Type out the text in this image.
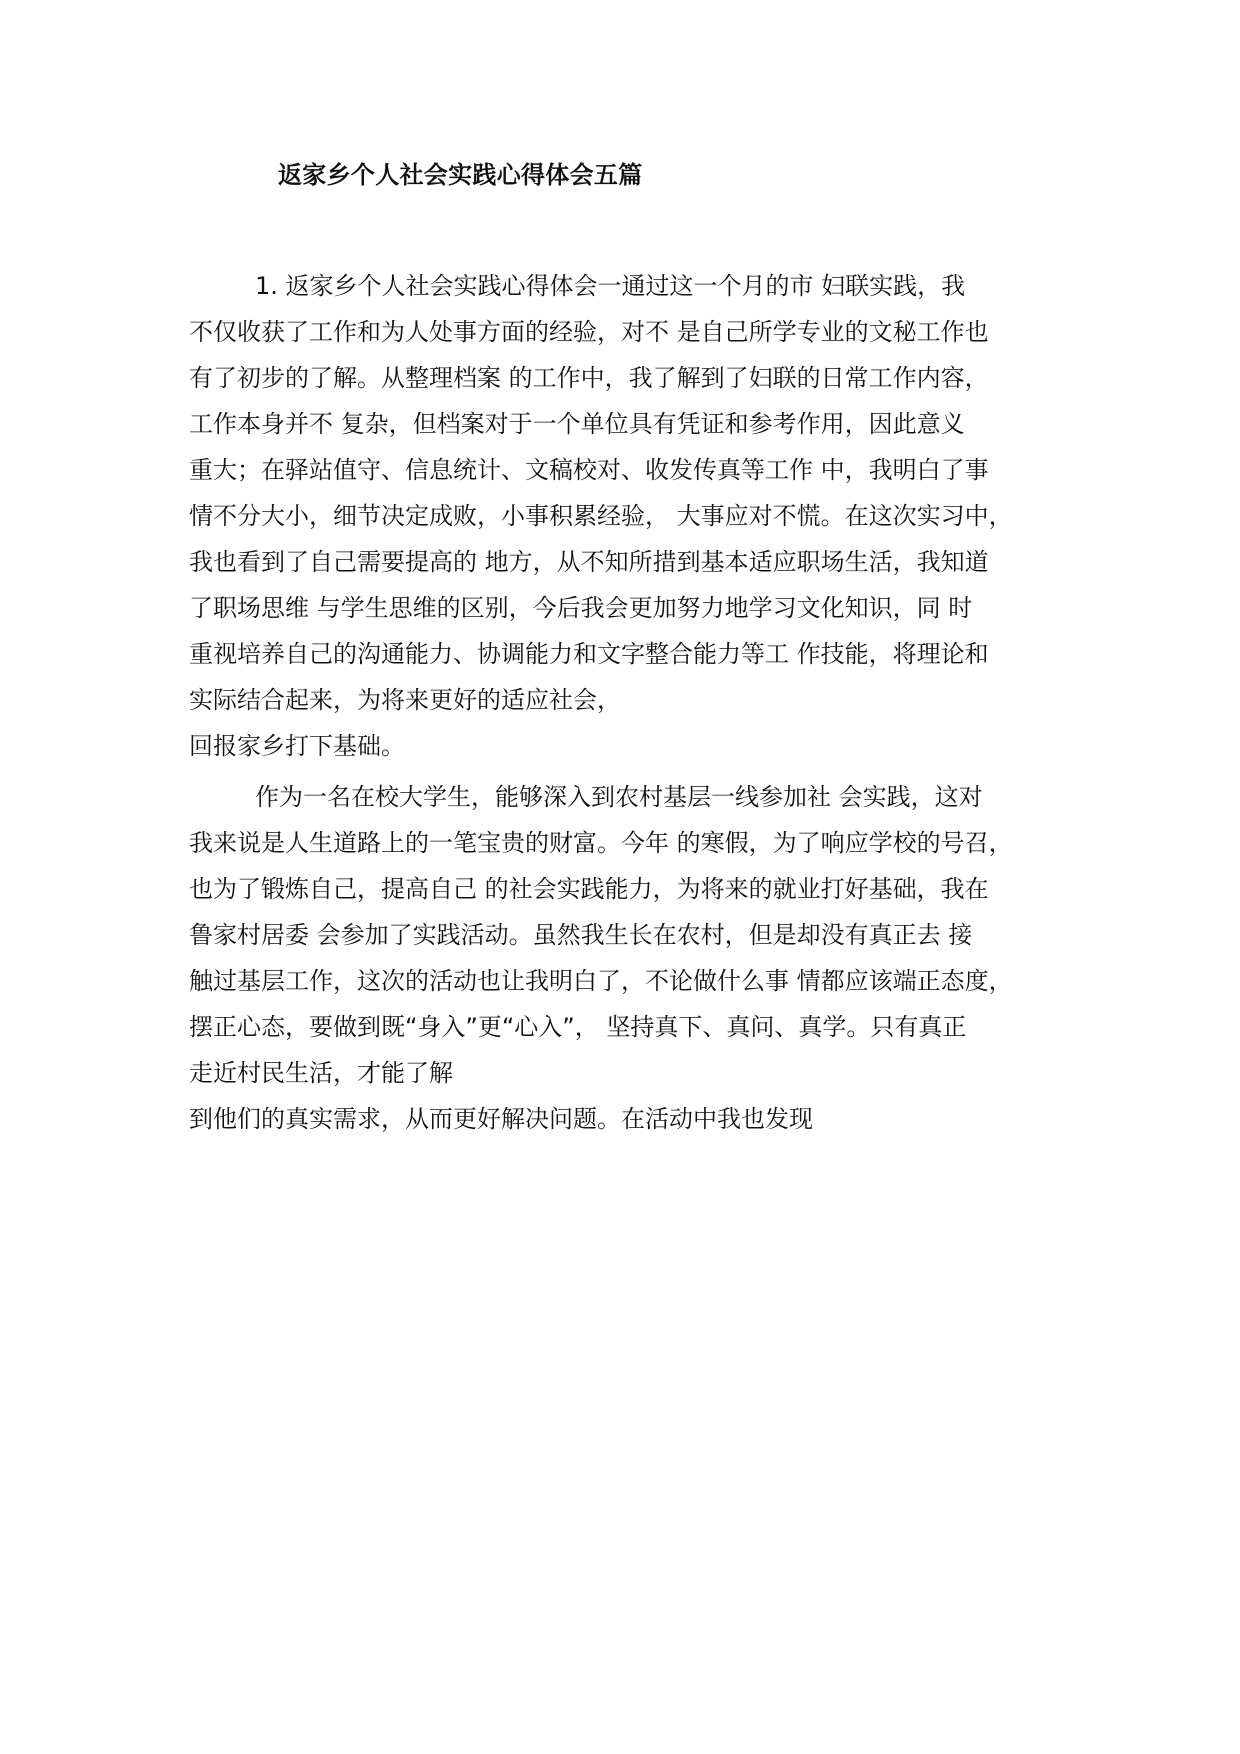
返家乡个人社会实践心得体会五篇
1. 返家乡个人社会实践心得体会一通过这一个月的市 妇联实践，我
不仅收获了工作和为人处事方面的经验，对不 是自己所学专业的文秘工作也
有了初步的了解。从整理档案 的工作中，我了解到了妇联的日常工作内容，
工作本身并不 复杂，但档案对于一个单位具有凭证和参考作用，因此意义
重大；在驿站值守、信息统计、文稿校对、收发传真等工作 中，我明白了事
情不分大小，细节决定成败，小事积累经验， 大事应对不慌。在这次实习中，
我也看到了自己需要提高的 地方，从不知所措到基本适应职场生活，我知道
了职场思维 与学生思维的区别，今后我会更加努力地学习文化知识，同 时
重视培养自己的沟通能力、协调能力和文字整合能力等工 作技能，将理论和
实际结合起来，为将来更好的适应社会，
回报家乡打下基础。
作为一名在校大学生，能够深入到农村基层一线参加社 会实践，这对
我来说是人生道路上的一笔宝贵的财富。今年 的寒假，为了响应学校的号召，
也为了锻炼自己，提高自己 的社会实践能力，为将来的就业打好基础，我在
鲁家村居委 会参加了实践活动。虽然我生长在农村，但是却没有真正去 接
触过基层工作，这次的活动也让我明白了，不论做什么事 情都应该端正态度，
摆正心态，要做到既“身入”更“心入”， 坚持真下、真问、真学。只有真正
走近村民生活，才能了解
到他们的真实需求，从而更好解决问题。在活动中我也发现
